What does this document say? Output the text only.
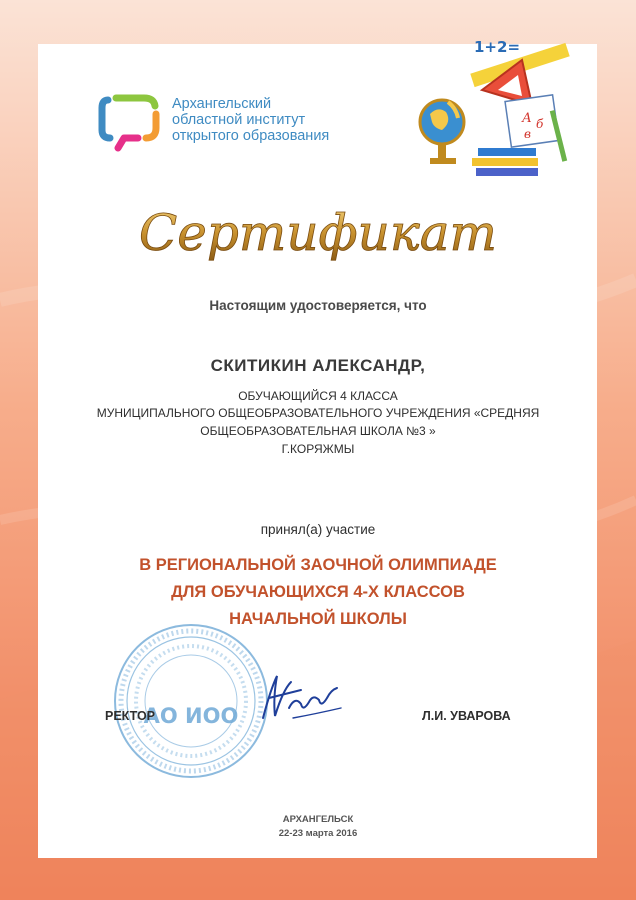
Архангельский
областной институт
открытого образования
1+2=
А б
в
Сертификат
Настоящим удостоверяется, что
СКИТИКИН АЛЕКСАНДР,
ОБУЧАЮЩИЙСЯ 4 КЛАССА
МУНИЦИПАЛЬНОГО ОБЩЕОБРАЗОВАТЕЛЬНОГО УЧРЕЖДЕНИЯ «СРЕДНЯЯ
ОБЩЕОБРАЗОВАТЕЛЬНАЯ ШКОЛА №3 »
Г.КОРЯЖМЫ
принял(а) участие
В РЕГИОНАЛЬНОЙ ЗАОЧНОЙ ОЛИМПИАДЕ
ДЛЯ ОБУЧАЮЩИХСЯ 4-Х КЛАССОВ
НАЧАЛЬНОЙ ШКОЛЫ
АО ИОО
РЕКТОР	Л.И. УВАРОВА
АРХАНГЕЛЬСК
22-23 марта 2016
